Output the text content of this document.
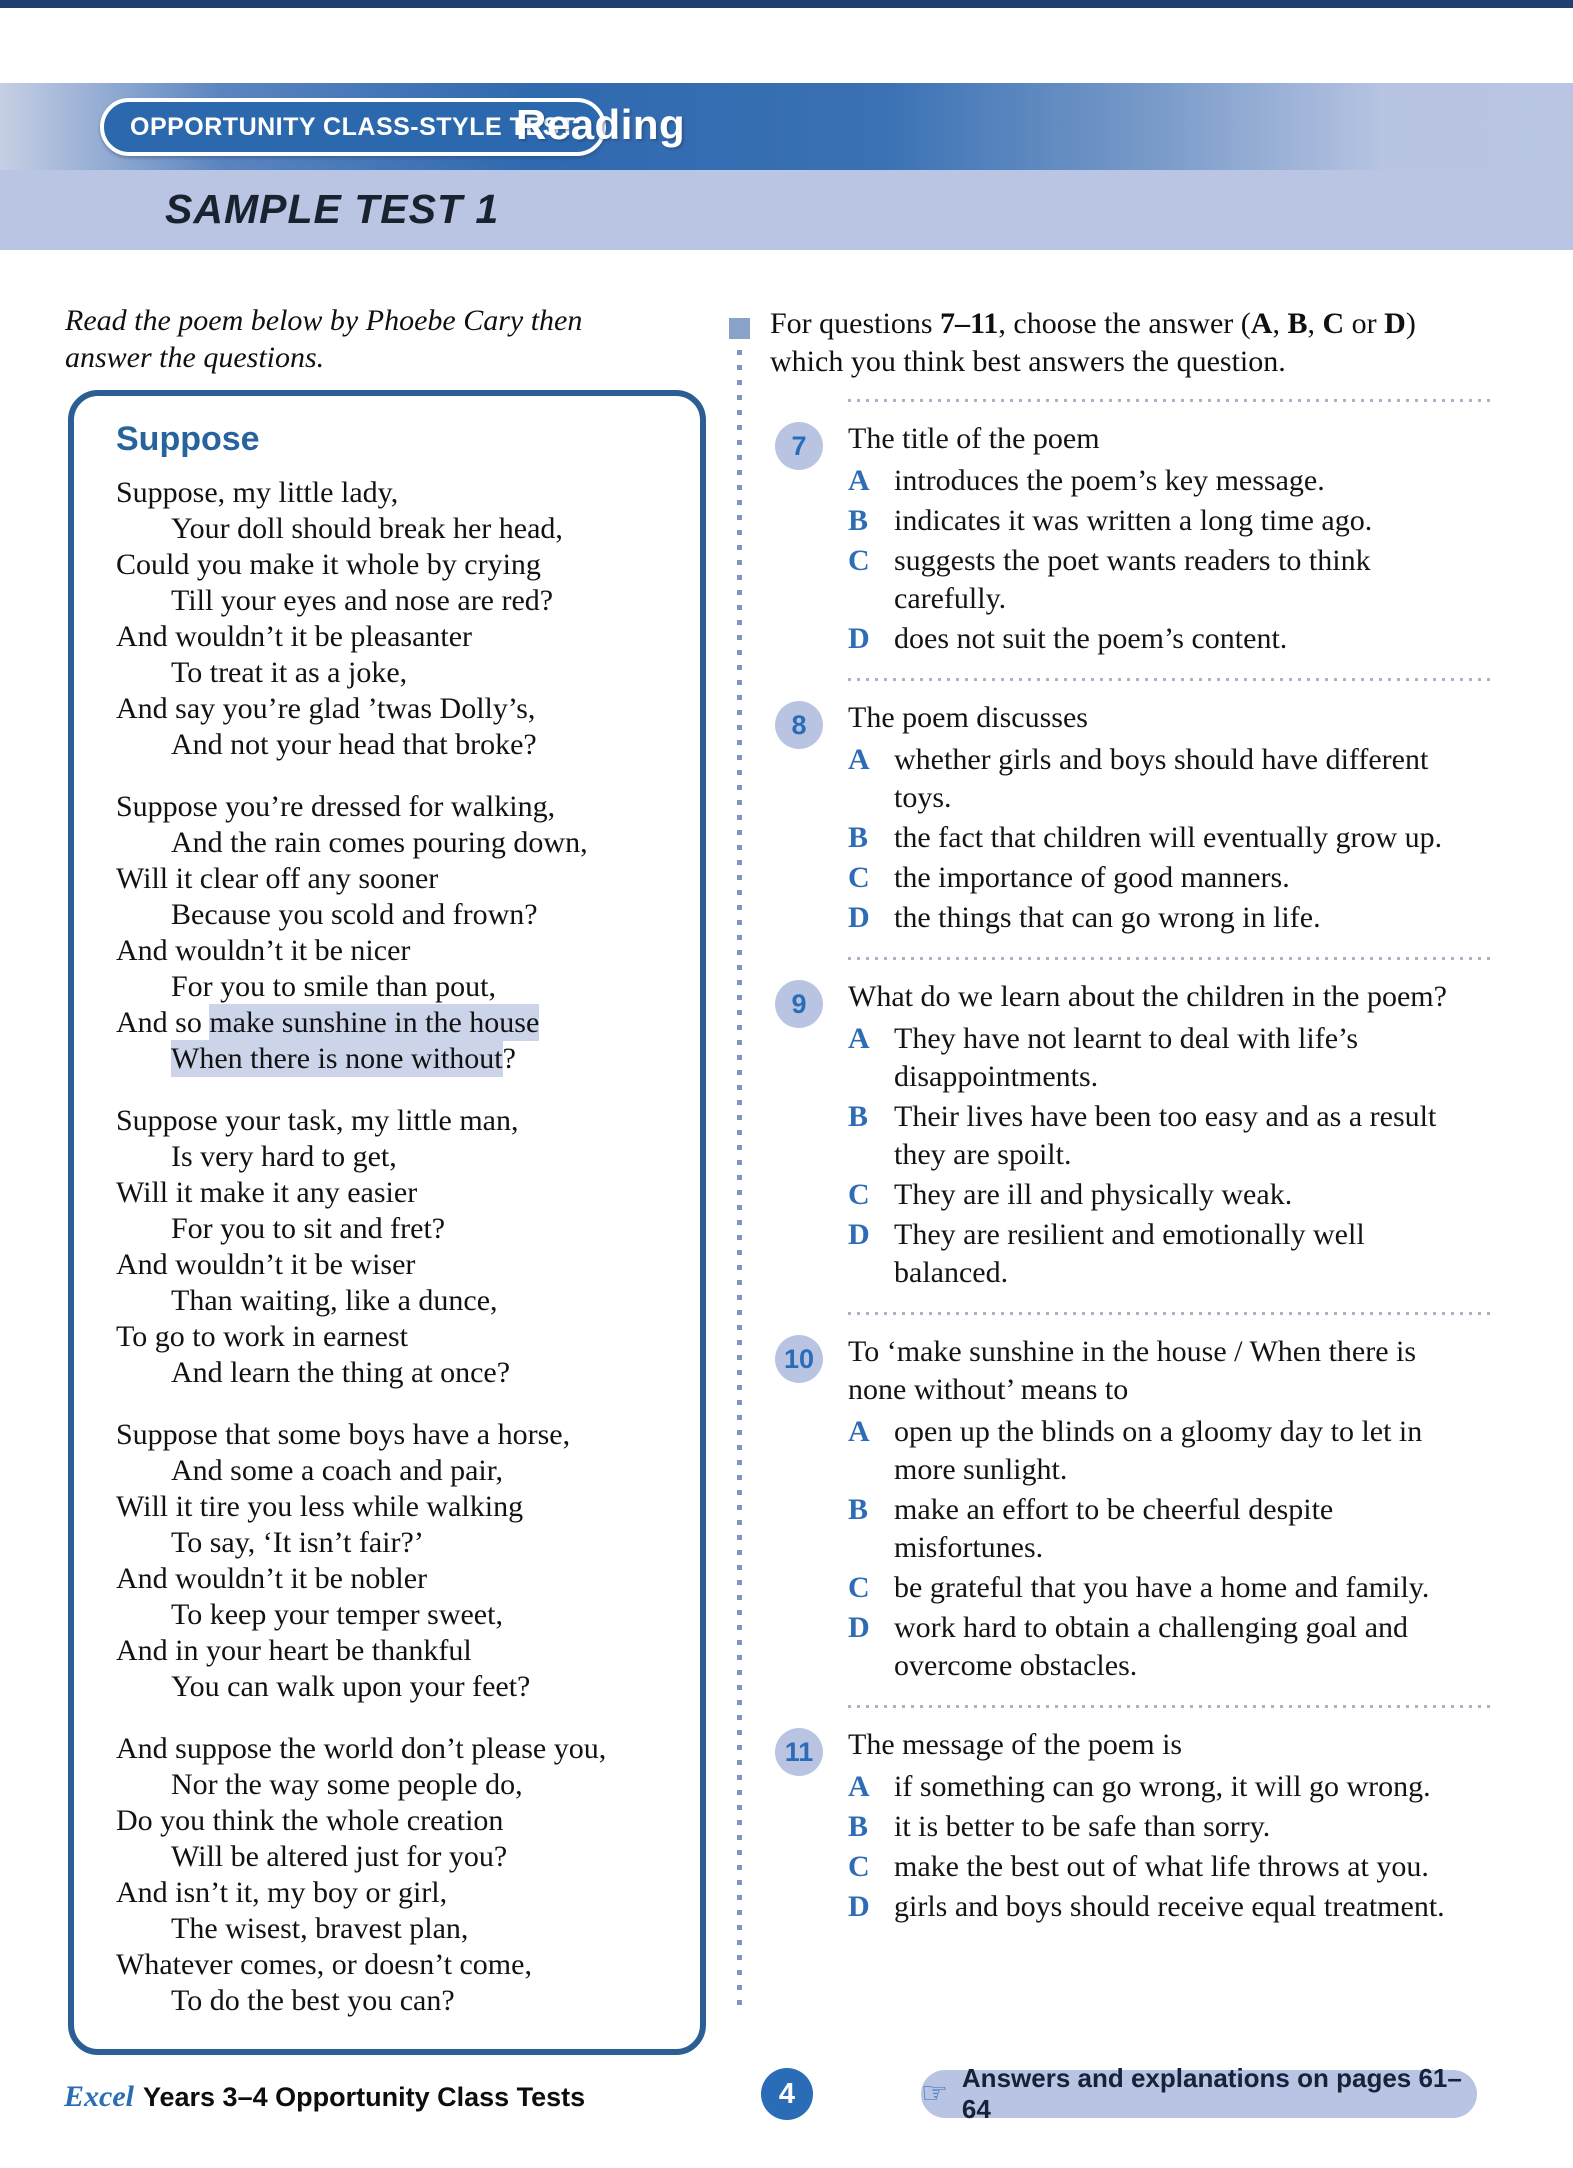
OPPORTUNITY CLASS-STYLE TEST
Reading
SAMPLE TEST 1
Read the poem below by Phoebe Cary then
answer the questions.
Suppose
Suppose, my little lady,
Your doll should break her head,
Could you make it whole by crying
Till your eyes and nose are red?
And wouldn’t it be pleasanter
To treat it as a joke,
And say you’re glad ’twas Dolly’s,
And not your head that broke?
Suppose you’re dressed for walking,
And the rain comes pouring down,
Will it clear off any sooner
Because you scold and frown?
And wouldn’t it be nicer
For you to smile than pout,
And so make sunshine in the house
When there is none without?
Suppose your task, my little man,
Is very hard to get,
Will it make it any easier
For you to sit and fret?
And wouldn’t it be wiser
Than waiting, like a dunce,
To go to work in earnest
And learn the thing at once?
Suppose that some boys have a horse,
And some a coach and pair,
Will it tire you less while walking
To say, ‘It isn’t fair?’
And wouldn’t it be nobler
To keep your temper sweet,
And in your heart be thankful
You can walk upon your feet?
And suppose the world don’t please you,
Nor the way some people do,
Do you think the whole creation
Will be altered just for you?
And isn’t it, my boy or girl,
The wisest, bravest plan,
Whatever comes, or doesn’t come,
To do the best you can?

For questions 7–11, choose the answer (A, B, C or D) which you think best answers the question.

7	The title of the poem
A introduces the poem’s key message.
B indicates it was written a long time ago.
C suggests the poet wants readers to think carefully.
D does not suit the poem’s content.
8	The poem discusses
A whether girls and boys should have different toys.
B the fact that children will eventually grow up.
C the importance of good manners.
D the things that can go wrong in life.
9	What do we learn about the children in the poem?
A They have not learnt to deal with life’s disappointments.
B Their lives have been too easy and as a result they are spoilt.
C They are ill and physically weak.
D They are resilient and emotionally well balanced.
10 To ‘make sunshine in the house / When there is none without’ means to
A open up the blinds on a gloomy day to let in more sunlight.
B make an effort to be cheerful despite misfortunes.
C be grateful that you have a home and family.
D work hard to obtain a challenging goal and overcome obstacles.
11	The message of the poem is
A if something can go wrong, it will go wrong.
B it is better to be safe than sorry.
C make the best out of what life throws at you.
D girls and boys should receive equal treatment.
Excel Years 3–4 Opportunity Class Tests	4	☞ Answers and explanations on pages 61–64
